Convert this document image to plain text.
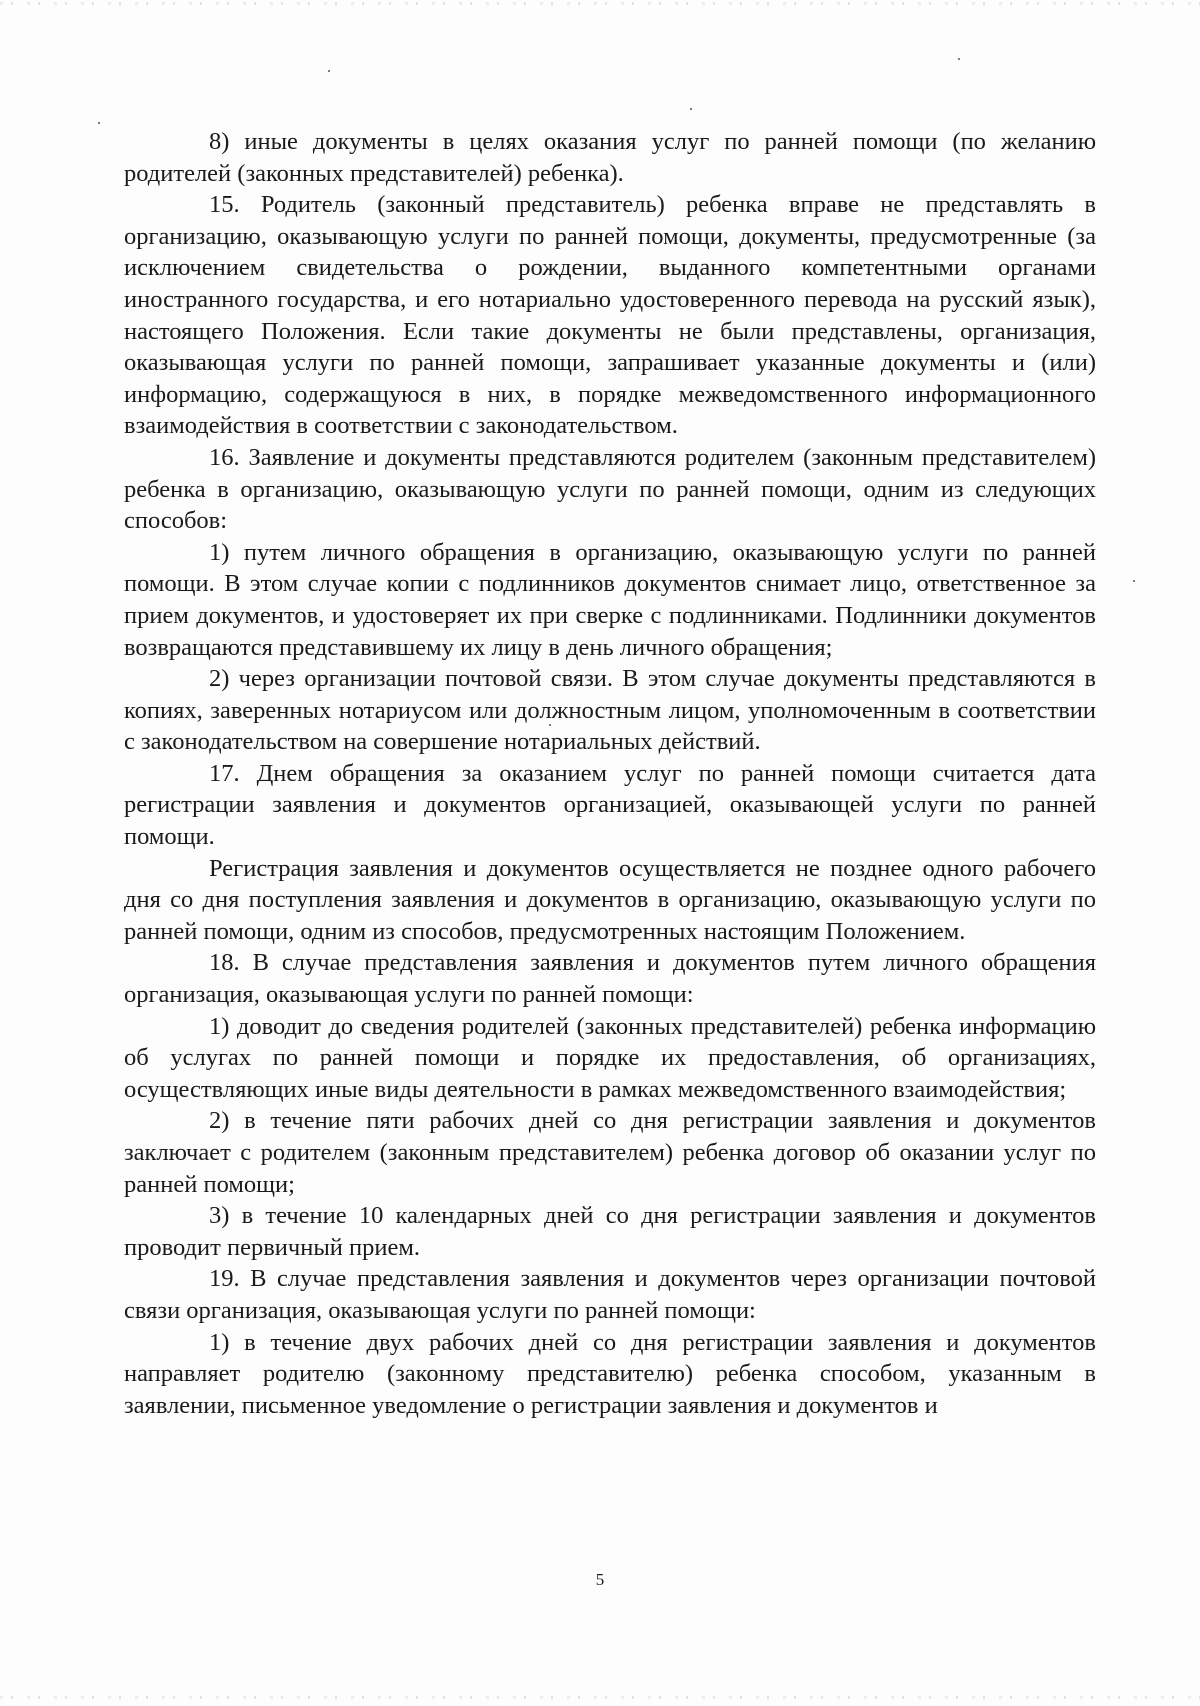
8) иные документы в целях оказания услуг по ранней помощи (по желанию родителей (законных представителей) ребенка).

15. Родитель (законный представитель) ребенка вправе не представлять в организацию, оказывающую услуги по ранней помощи, документы, предусмотренные (за исключением свидетельства о рождении, выданного компетентными органами иностранного государства, и его нотариально удостоверенного перевода на русский язык), настоящего Положения. Если такие документы не были представлены, организация, оказывающая услуги по ранней помощи, запрашивает указанные документы и (или) информацию, содержащуюся в них, в порядке межведомственного информационного взаимодействия в соответствии с законодательством.

16. Заявление и документы представляются родителем (законным представителем) ребенка в организацию, оказывающую услуги по ранней помощи, одним из следующих способов:

1) путем личного обращения в организацию, оказывающую услуги по ранней помощи. В этом случае копии с подлинников документов снимает лицо, ответственное за прием документов, и удостоверяет их при сверке с подлинниками. Подлинники документов возвращаются представившему их лицу в день личного обращения;

2) через организации почтовой связи. В этом случае документы представляются в копиях, заверенных нотариусом или должностным лицом, уполномоченным в соответствии с законодательством на совершение нотариальных действий.

17. Днем обращения за оказанием услуг по ранней помощи считается дата регистрации заявления и документов организацией, оказывающей услуги по ранней помощи.

Регистрация заявления и документов осуществляется не позднее одного рабочего дня со дня поступления заявления и документов в организацию, оказывающую услуги по ранней помощи, одним из способов, предусмотренных настоящим Положением.

18. В случае представления заявления и документов путем личного обращения организация, оказывающая услуги по ранней помощи:

1) доводит до сведения родителей (законных представителей) ребенка информацию об услугах по ранней помощи и порядке их предоставления, об организациях, осуществляющих иные виды деятельности в рамках межведомственного взаимодействия;

2) в течение пяти рабочих дней со дня регистрации заявления и документов заключает с родителем (законным представителем) ребенка договор об оказании услуг по ранней помощи;

3) в течение 10 календарных дней со дня регистрации заявления и документов проводит первичный прием.

19. В случае представления заявления и документов через организации почтовой связи организация, оказывающая услуги по ранней помощи:

1) в течение двух рабочих дней со дня регистрации заявления и документов направляет родителю (законному представителю) ребенка способом, указанным в заявлении, письменное уведомление о регистрации заявления и документов и

5
